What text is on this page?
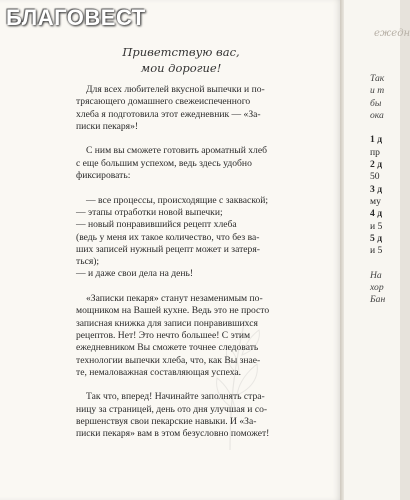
ежедн
Так
и т
бы
ока

1 д
пр
2 д
50
3 д
му
4 д
и 5
5 д
и 5

На
хор
Бан
БЛАГОВЕСТ
Приветствую вас,
мои дорогие!
Для всех любителей вкусной выпечки и по-
трясающего домашнего свежеиспеченного
хлеба я подготовила этот ежедневник — «За-
писки пекаря»!
С ним вы сможете готовить ароматный хлеб
с еще большим успехом, ведь здесь удобно
фиксировать:
— все процессы, происходящие с закваской;
— этапы отработки новой выпечки;
— новый понравившийся рецепт хлеба
(ведь у меня их такое количество, что без ва-
ших записей нужный рецепт может и затеря-
ться);
— и даже свои дела на день!
«Записки пекаря» станут незаменимым по-
мощником на Вашей кухне. Ведь это не просто
записная книжка для записи понравившихся
рецептов. Нет! Это нечто большее! С этим
ежедневником Вы сможете точнее следовать
технологии выпечки хлеба, что, как Вы знае-
те, немаловажная составляющая успеха.
Так что, вперед! Начинайте заполнять стра-
ницу за страницей, день ото дня улучшая и со-
вершенствуя свои пекарские навыки. И «За-
писки пекаря» вам в этом безусловно поможет!
